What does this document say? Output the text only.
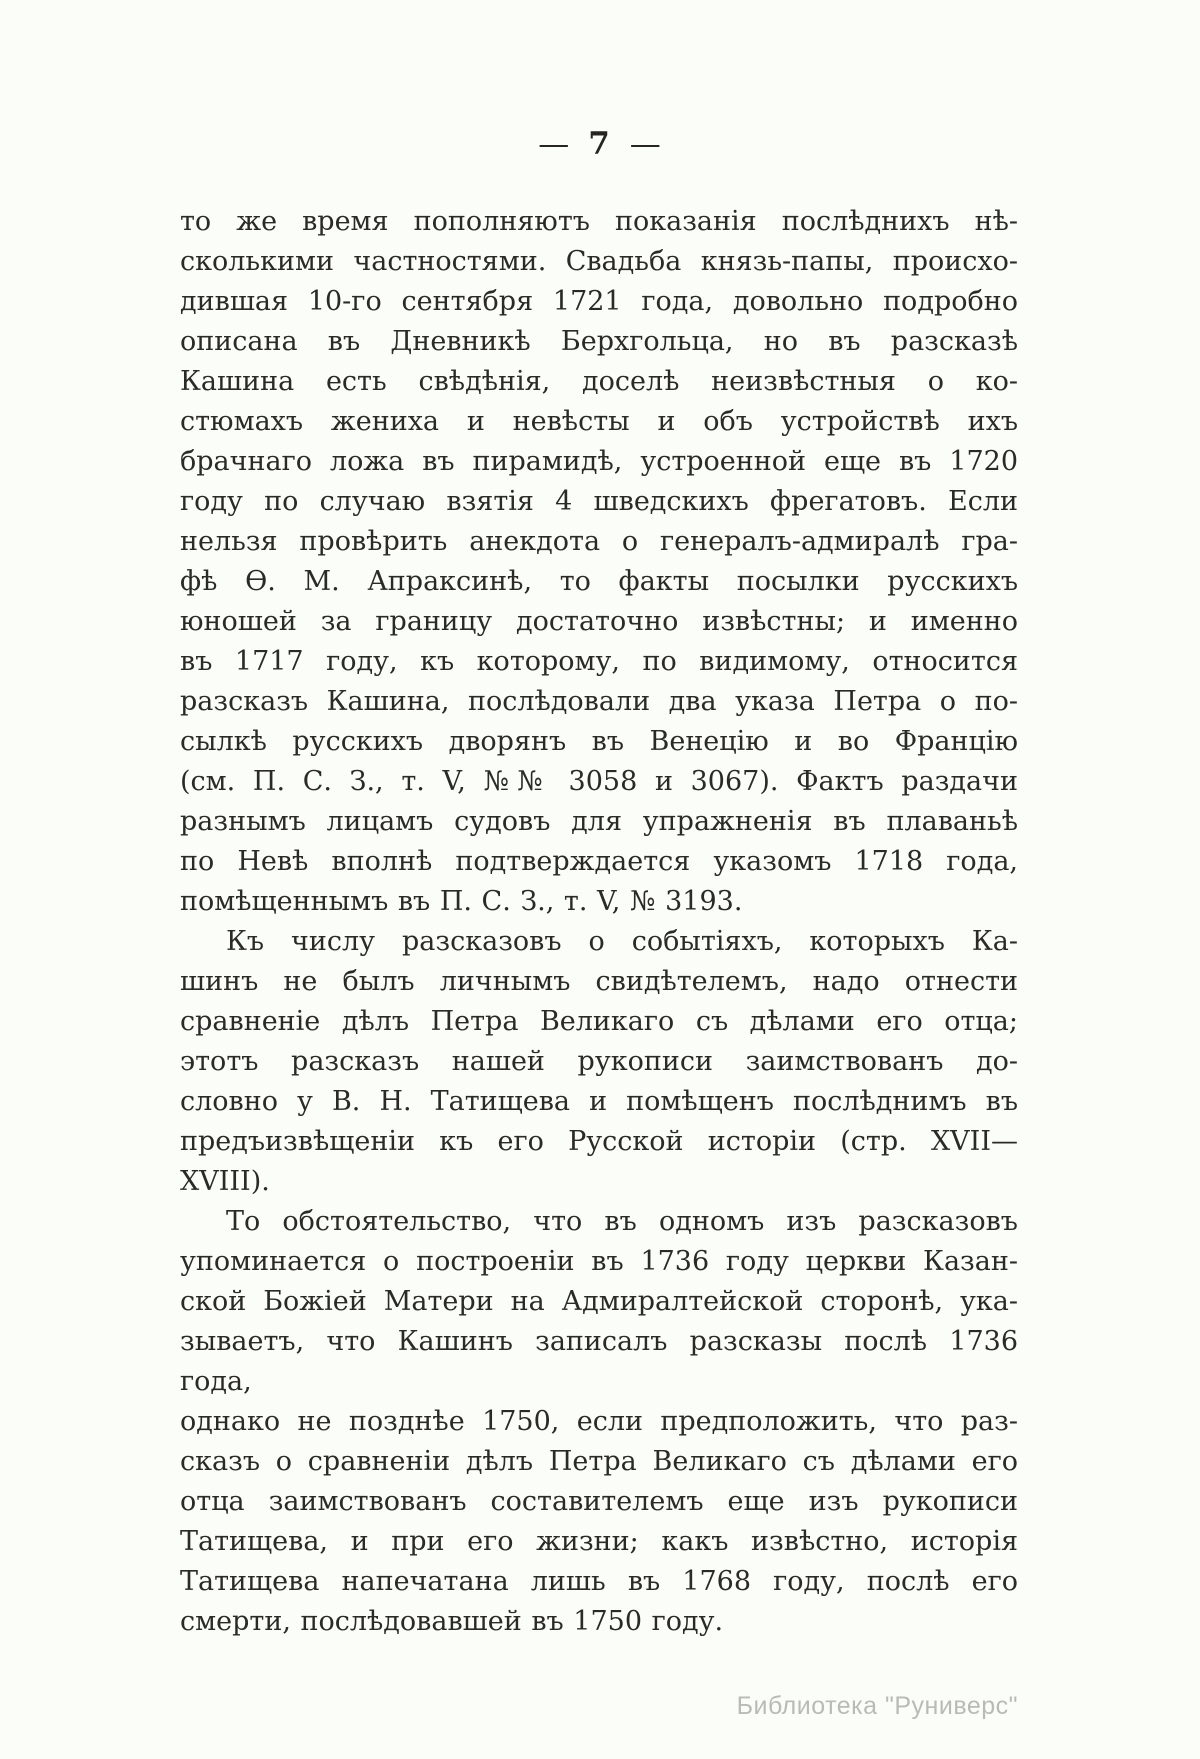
— 7 —
то же время пополняютъ показанія послѣднихъ нѣ-
сколькими частностями. Свадьба князь-папы, происхо-
дившая 10-го сентября 1721 года, довольно подробно
описана въ Дневникѣ Берхгольца, но въ разсказѣ
Кашина есть свѣдѣнія, доселѣ неизвѣстныя о ко-
стюмахъ жениха и невѣсты и объ устройствѣ ихъ
брачнаго ложа въ пирамидѣ, устроенной еще въ 1720
году по случаю взятія 4 шведскихъ фрегатовъ. Если
нельзя провѣрить анекдота о генералъ-адмиралѣ гра-
фѣ Ѳ. М. Апраксинѣ, то факты посылки русскихъ
юношей за границу достаточно извѣстны; и именно
въ 1717 году, къ которому, по видимому, относится
разсказъ Кашина, послѣдовали два указа Петра о по-
сылкѣ русскихъ дворянъ въ Венецію и во Францію
(см. П. С. З., т. V, №№ 3058 и 3067). Фактъ раздачи
разнымъ лицамъ судовъ для упражненія въ плаваньѣ
по Невѣ вполнѣ подтверждается указомъ 1718 года,
помѣщеннымъ въ П. С. З., т. V, № 3193.
Къ числу разсказовъ о событіяхъ, которыхъ Ка-
шинъ не былъ личнымъ свидѣтелемъ, надо отнести
сравненіе дѣлъ Петра Великаго съ дѣлами его отца;
этотъ разсказъ нашей рукописи заимствованъ до-
словно у В. Н. Татищева и помѣщенъ послѣднимъ въ
предъизвѣщеніи къ его Русской исторіи (стр. XVII—
XVIII).
То обстоятельство, что въ одномъ изъ разсказовъ
упоминается о построеніи въ 1736 году церкви Казан-
ской Божіей Матери на Адмиралтейской сторонѣ, ука-
зываетъ, что Кашинъ записалъ разсказы послѣ 1736 года,
однако не позднѣе 1750, если предположить, что раз-
сказъ о сравненіи дѣлъ Петра Великаго съ дѣлами его
отца заимствованъ составителемъ еще изъ рукописи
Татищева, и при его жизни; какъ извѣстно, исторія
Татищева напечатана лишь въ 1768 году, послѣ его
смерти, послѣдовавшей въ 1750 году.
Библиотека "Руниверс"
